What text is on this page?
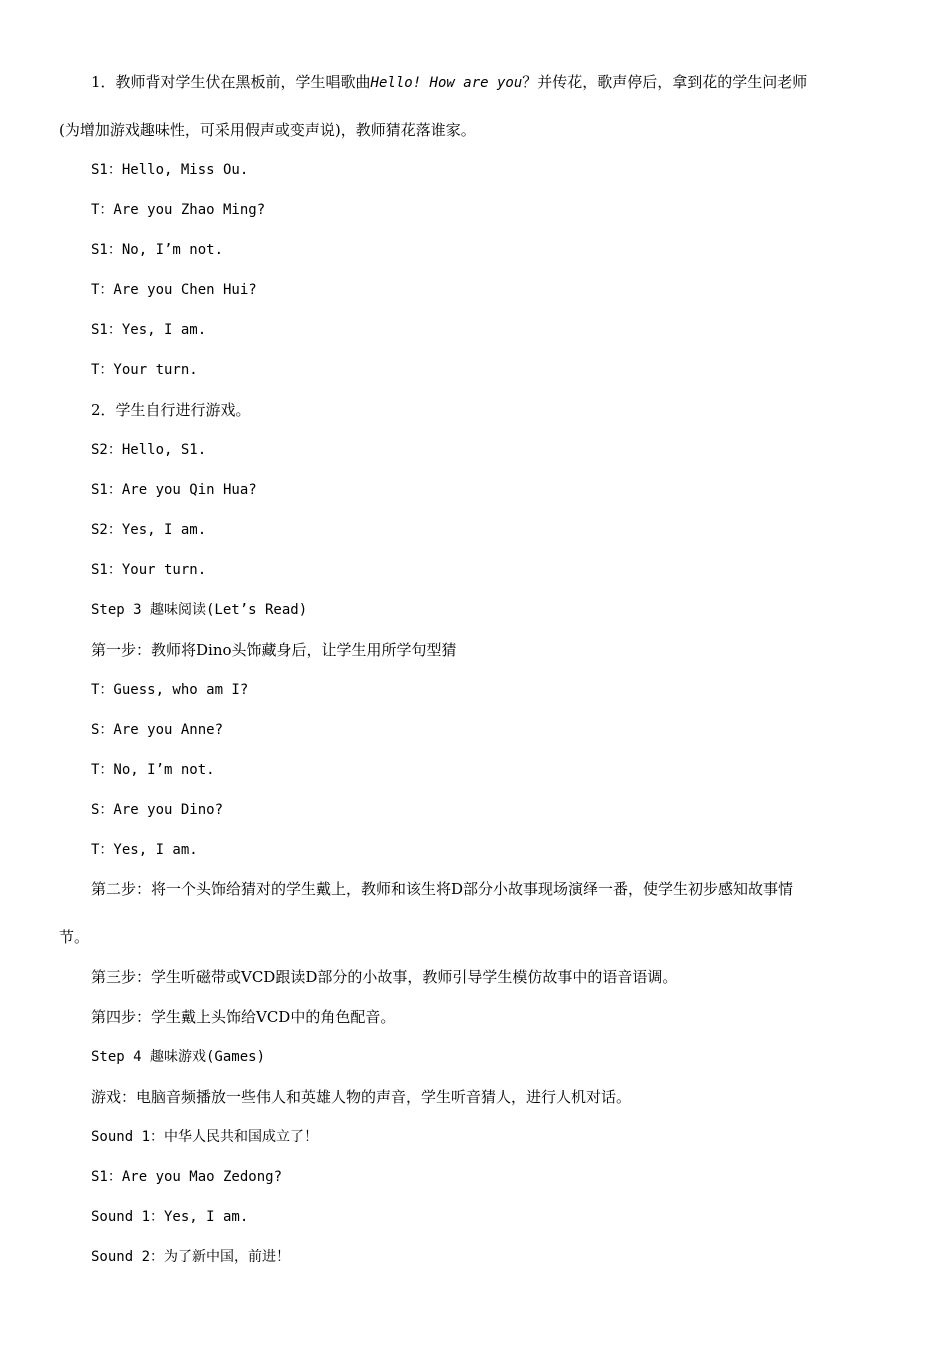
1．教师背对学生伏在黑板前，学生唱歌曲Hello! How are you？并传花，歌声停后，拿到花的学生问老师
(为增加游戏趣味性，可采用假声或变声说)，教师猜花落谁家。
S1：Hello, Miss Ou.
T：Are you Zhao Ming?
S1：No, I’m not.
T：Are you Chen Hui?
S1：Yes, I am.
T：Your turn.
2．学生自行进行游戏。
S2：Hello, S1.
S1：Are you Qin Hua?
S2：Yes, I am.
S1：Your turn.
Step 3 趣味阅读(Let’s Read)
第一步：教师将Dino头饰藏身后，让学生用所学句型猜
T：Guess, who am I?
S：Are you Anne?
T：No, I’m not.
S：Are you Dino?
T：Yes, I am.
第二步：将一个头饰给猜对的学生戴上，教师和该生将D部分小故事现场演绎一番，使学生初步感知故事情
节。
第三步：学生听磁带或VCD跟读D部分的小故事，教师引导学生模仿故事中的语音语调。
第四步：学生戴上头饰给VCD中的角色配音。
Step 4 趣味游戏(Games)
游戏：电脑音频播放一些伟人和英雄人物的声音，学生听音猜人，进行人机对话。
Sound 1：中华人民共和国成立了！
S1：Are you Mao Zedong?
Sound 1：Yes, I am.
Sound 2：为了新中国，前进！
